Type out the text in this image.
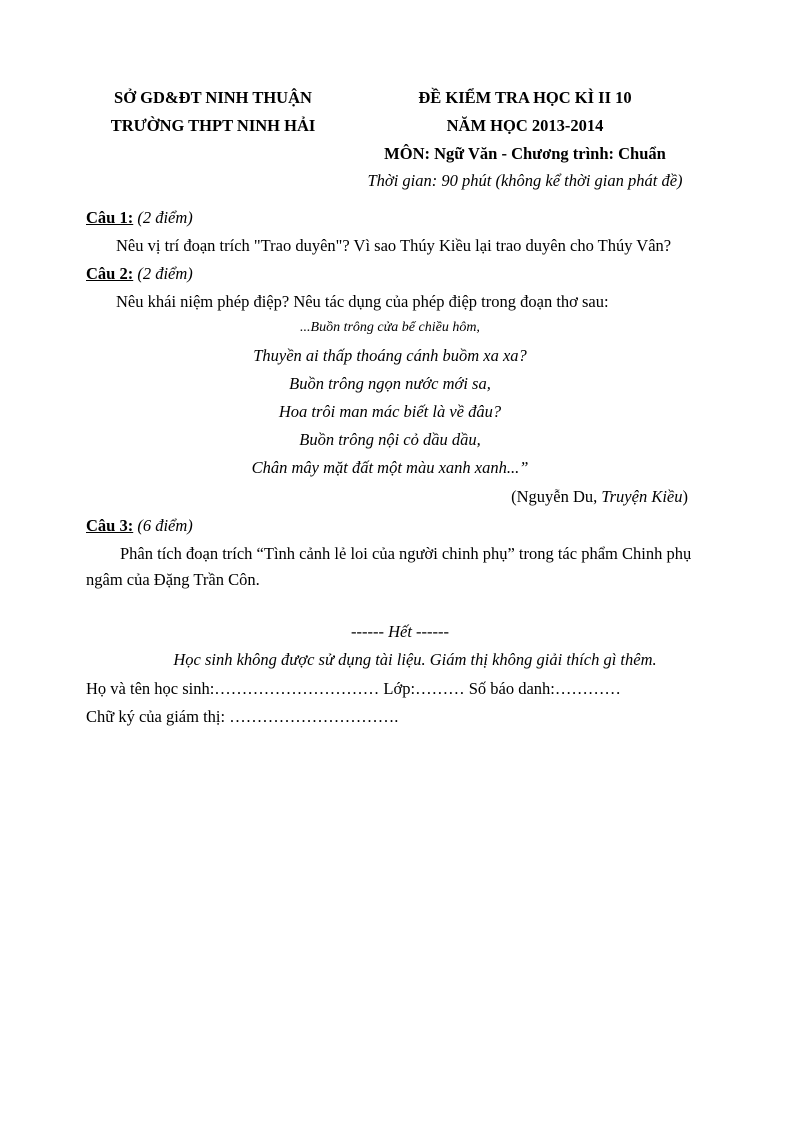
SỞ GD&ĐT NINH THUẬN
TRƯỜNG THPT NINH HẢI
ĐỀ KIỂM TRA HỌC KÌ II 10
NĂM HỌC 2013-2014
MÔN: Ngữ Văn - Chương trình: Chuẩn
Thời gian: 90 phút (không kể thời gian phát đề)
Câu 1: (2 điểm)
Nêu vị trí đoạn trích "Trao duyên"? Vì sao Thúy Kiều lại trao duyên cho Thúy Vân?
Câu 2: (2 điểm)
Nêu khái niệm phép điệp? Nêu tác dụng của phép điệp trong đoạn thơ sau:
...Buồn trông cửa bể chiều hôm,
Thuyền ai thấp thoáng cánh buồm xa xa?
Buồn trông ngọn nước mới sa,
Hoa trôi man mác biết là về đâu?
Buồn trông nội cỏ dầu dầu,
Chân mây mặt đất một màu xanh xanh...”
(Nguyễn Du, Truyện Kiều)
Câu 3: (6 điểm)
Phân tích đoạn trích “Tình cảnh lẻ loi của người chinh phụ” trong tác phẩm Chinh phụ
ngâm của Đặng Trần Côn.
------ Hết ------
Học sinh không được sử dụng tài liệu. Giám thị không giải thích gì thêm.
Họ và tên học sinh:………………………… Lớp:……… Số báo danh:…………
Chữ ký của giám thị: ………………………….
